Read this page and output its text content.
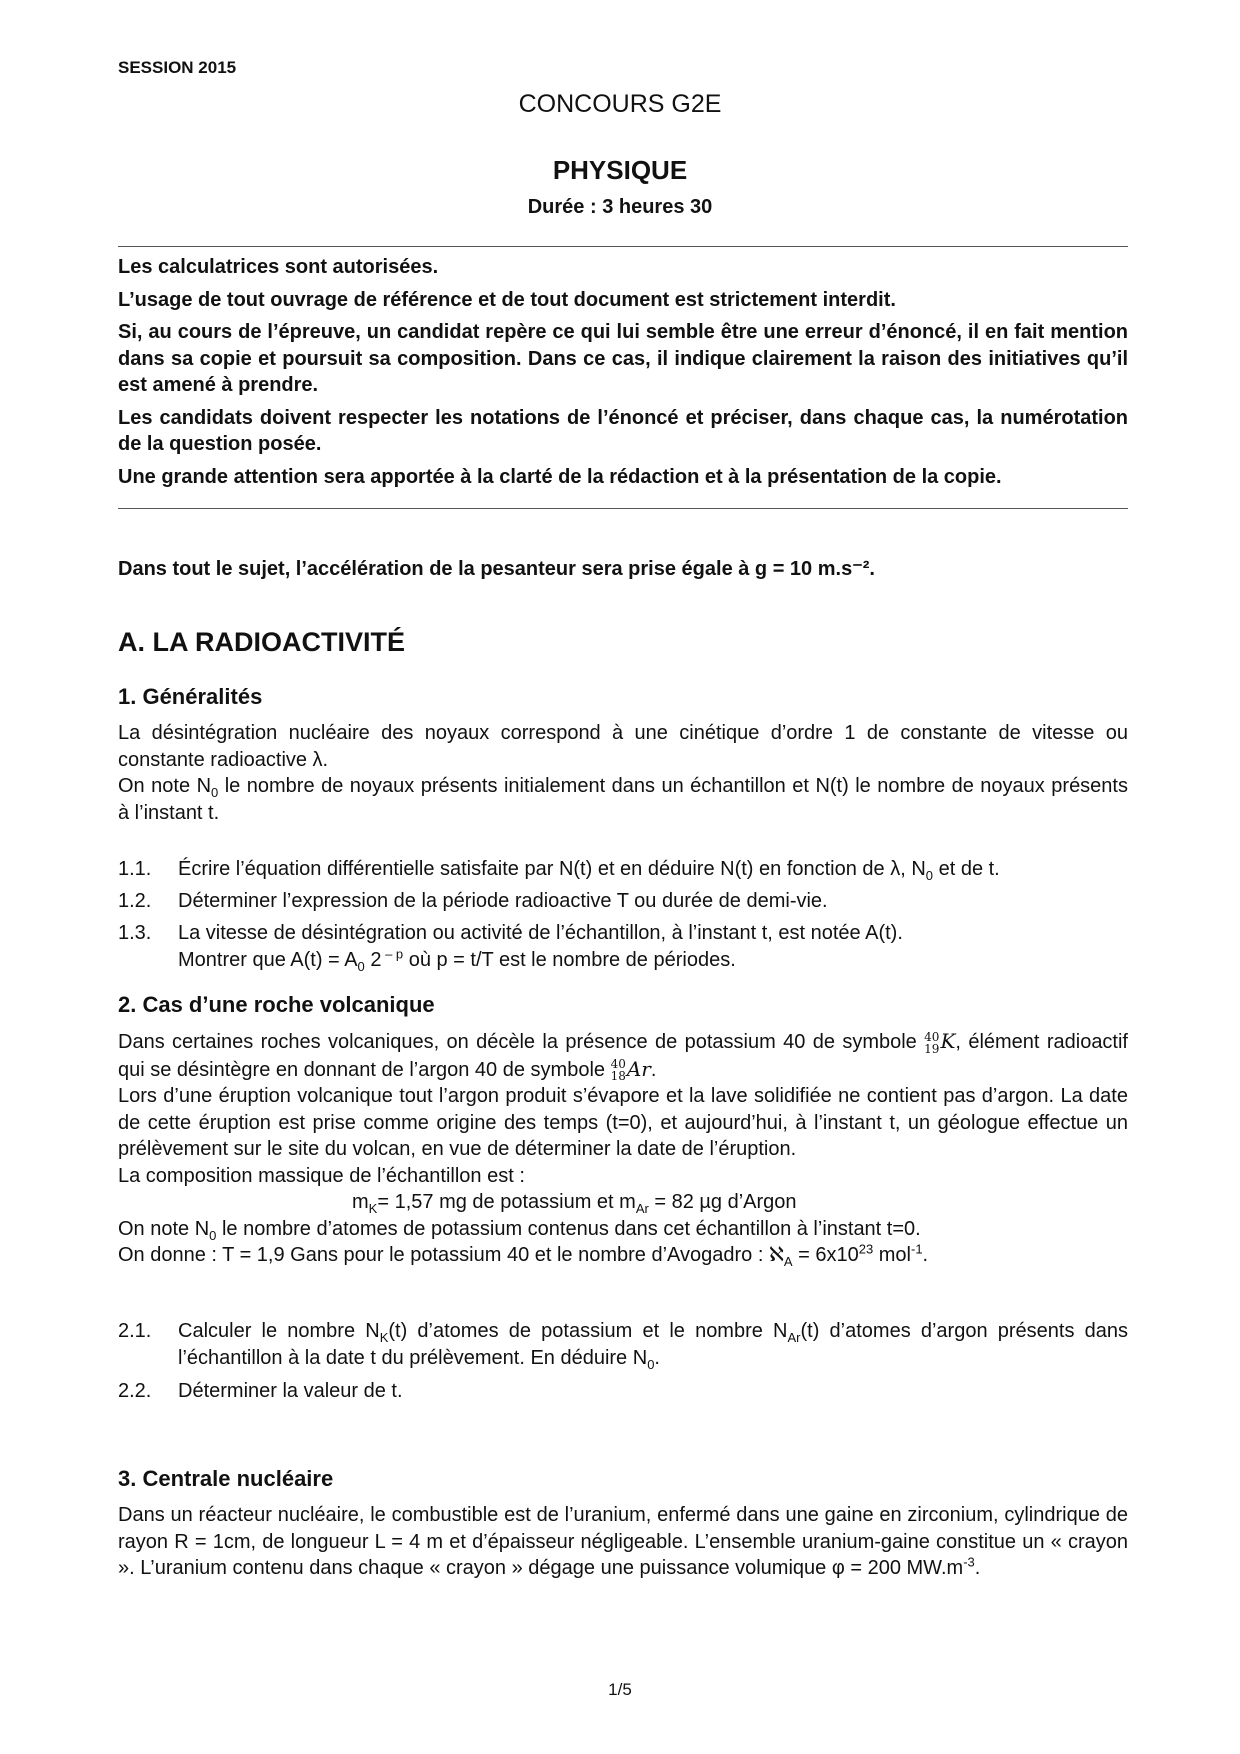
SESSION 2015
CONCOURS G2E
PHYSIQUE
Durée : 3 heures 30

Les calculatrices sont autorisées.

L’usage de tout ouvrage de référence et de tout document est strictement interdit.

Si, au cours de l’épreuve, un candidat repère ce qui lui semble être une erreur d’énoncé, il en fait mention dans sa copie et poursuit sa composition. Dans ce cas, il indique clairement la raison des initiatives qu’il est amené à prendre.

Les candidats doivent respecter les notations de l’énoncé et préciser, dans chaque cas, la numérotation de la question posée.

Une grande attention sera apportée à la clarté de la rédaction et à la présentation de la copie.

Dans tout le sujet, l’accélération de la pesanteur sera prise égale à g = 10 m.s⁻².
A. LA RADIOACTIVITÉ
1. Généralités

La désintégration nucléaire des noyaux correspond à une cinétique d’ordre 1 de constante de vitesse ou constante radioactive λ.

On note $N_0$ le nombre de noyaux présents initialement dans un échantillon et N(t) le nombre de noyaux présents à l’instant t.

1.1. Écrire l’équation différentielle satisfaite par N(t) et en déduire N(t) en fonction de λ, $N_0$ et de t.
1.2. Déterminer l’expression de la période radioactive T ou durée de demi-vie.
1.3. La vitesse de désintégration ou activité de l’échantillon, à l’instant t, est notée A(t).
Montrer que $A(t) = A_0$ 2 $^{- p}$ où p = t/T est le nombre de périodes.
2. Cas d’une roche volcanique

Dans certaines roches volcaniques, on décèle la présence de potassium 40 de symbole 40
19K, élément radioactif qui se désintègre en donnant de l’argon 40 de symbole 40
18Ar.

Lors d’une éruption volcanique tout l’argon produit s’évapore et la lave solidifiée ne contient pas d’argon. La date de cette éruption est prise comme origine des temps (t=0), et aujourd’hui, à l’instant t, un géologue effectue un prélèvement sur le site du volcan, en vue de déterminer la date de l’éruption.

La composition massique de l’échantillon est :

$m_K= 1,57$ mg de potassium et $m_{Ar} = 82$ µg d’Argon

On note $N_0$ le nombre d’atomes de potassium contenus dans cet échantillon à l’instant t=0.

On donne : T = 1,9 Gans pour le potassium 40 et le nombre d’Avogadro : ℵ$_A$ = $6x10^{23}$ mol$^{-1}$.

2.1. Calculer le nombre $N_K(t)$ d’atomes de potassium et le nombre $N_{Ar}(t)$ d’atomes d’argon présents dans l’échantillon à la date t du prélèvement. En déduire $N_0$.
2.2. Déterminer la valeur de t.
3. Centrale nucléaire

Dans un réacteur nucléaire, le combustible est de l’uranium, enfermé dans une gaine en zirconium, cylindrique de rayon R = 1cm, de longueur L = 4 m et d’épaisseur négligeable. L’ensemble uranium-gaine constitue un « crayon ». L’uranium contenu dans chaque « crayon » dégage une puissance volumique φ = 200 $MW.m^{-3}$.

1/5
